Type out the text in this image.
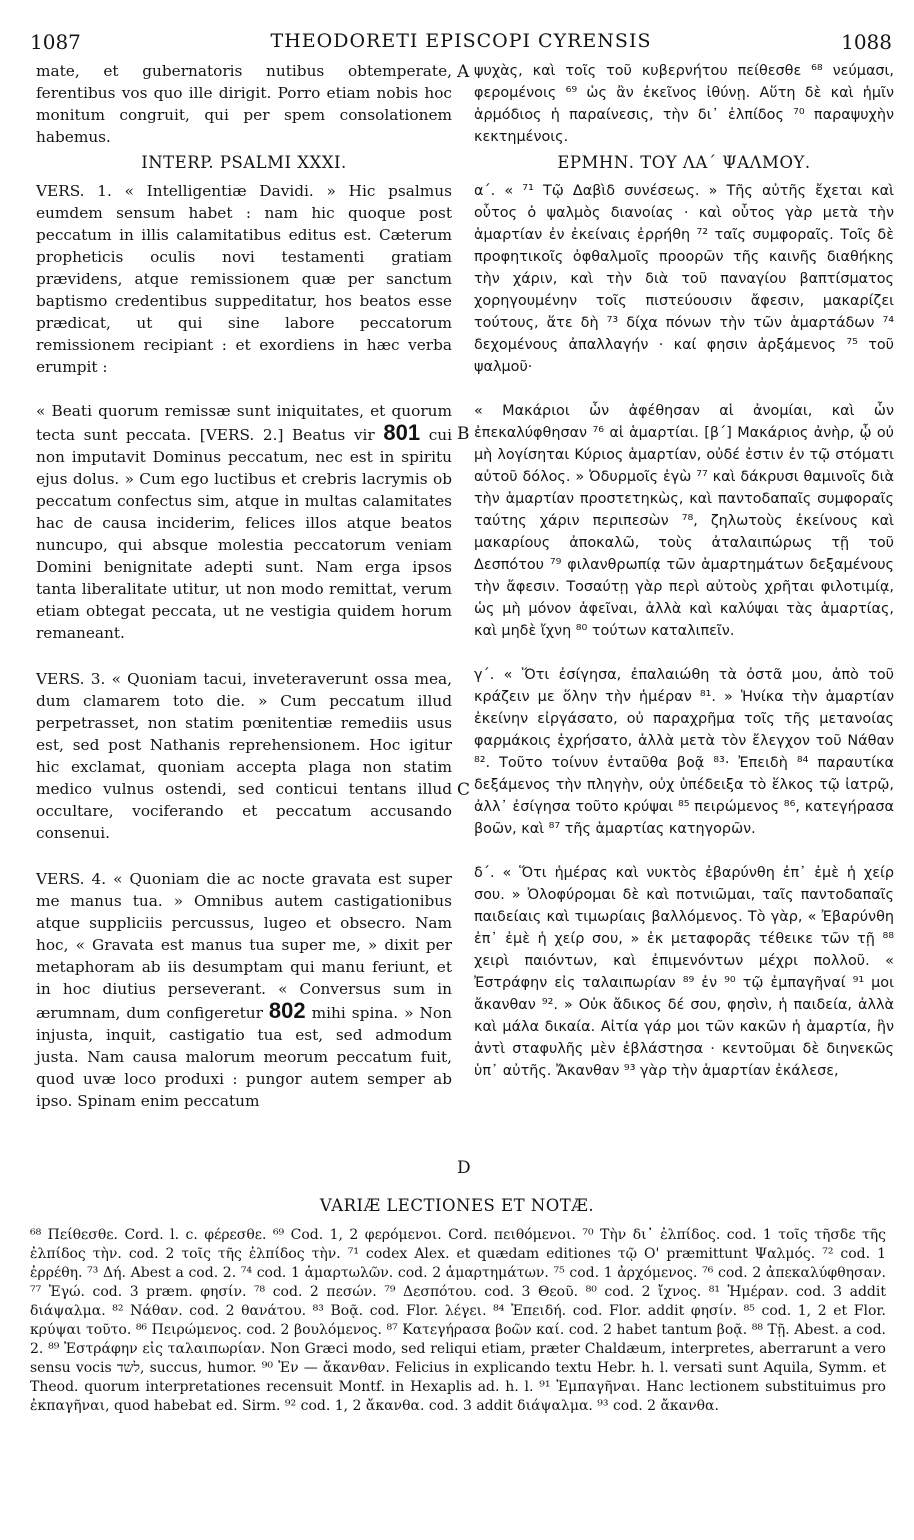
1087	THEODORETI EPISCOPI CYRENSIS	1088

mate, et gubernatoris nutibus obtemperate, ferentibus vos quo ille dirigit. Porro etiam nobis hoc monitum congruit, qui per spem consolationem habemus.

INTERP. PSALMI XXXI.

VERS. 1. « Intelligentiæ Davidi. » Hic psalmus eumdem sensum habet : nam hic quoque post peccatum in illis calamitatibus editus est. Cæterum propheticis oculis novi testamenti gratiam prævidens, atque remissionem quæ per sanctum baptismo credentibus suppeditatur, hos beatos esse prædicat, ut qui sine labore peccatorum remissionem recipiant : et exordiens in hæc verba erumpit :

« Beati quorum remissæ sunt iniquitates, et quorum tecta sunt peccata. [VERS. 2.] Beatus vir 801 cui non imputavit Dominus peccatum, nec est in spiritu ejus dolus. » Cum ego luctibus et crebris lacrymis ob peccatum confectus sim, atque in multas calamitates hac de causa inciderim, felices illos atque beatos nuncupo, qui absque molestia peccatorum veniam Domini benignitate adepti sunt. Nam erga ipsos tanta liberalitate utitur, ut non modo remittat, verum etiam obtegat peccata, ut ne vestigia quidem horum remaneant.

VERS. 3. « Quoniam tacui, inveteraverunt ossa mea, dum clamarem toto die. » Cum peccatum illud perpetrasset, non statim pœnitentiæ remediis usus est, sed post Nathanis reprehensionem. Hoc igitur hic exclamat, quoniam accepta plaga non statim medico vulnus ostendi, sed conticui tentans illud occultare, vociferando et peccatum accusando consenui.

VERS. 4. « Quoniam die ac nocte gravata est super me manus tua. » Omnibus autem castigationibus atque suppliciis percussus, lugeo et obsecro. Nam hoc, « Gravata est manus tua super me, » dixit per metaphoram ab iis desumptam qui manu feriunt, et in hoc diutius perseverant. « Conversus sum in ærumnam, dum configeretur 802 mihi spina. » Non injusta, inquit, castigatio tua est, sed admodum justa. Nam causa malorum meorum peccatum fuit, quod uvæ loco produxi : pungor autem semper ab ipso. Spinam enim peccatum

A
B
C
D

ψυχὰς, καὶ τοῖς τοῦ κυβερνήτου πείθεσθε ⁶⁸ νεύμασι, φερομένοις ⁶⁹ ὡς ἂν ἐκεῖνος ἰθύνῃ. Αὕτη δὲ καὶ ἡμῖν ἁρμόδιος ἡ παραίνεσις, τὴν δι᾿ ἐλπίδος ⁷⁰ παραψυχὴν κεκτημένοις.

ΕΡΜΗΝ. ΤΟΥ ΛΑ´ ΨΑΛΜΟΥ.

α´. « ⁷¹ Τῷ Δαβὶδ συνέσεως. » Τῆς αὐτῆς ἔχεται καὶ οὗτος ὁ ψαλμὸς διανοίας · καὶ οὗτος γὰρ μετὰ τὴν ἁμαρτίαν ἐν ἐκείναις ἐρρήθη ⁷² ταῖς συμφοραῖς. Τοῖς δὲ προφητικοῖς ὀφθαλμοῖς προορῶν τῆς καινῆς διαθήκης τὴν χάριν, καὶ τὴν διὰ τοῦ παναγίου βαπτίσματος χορηγουμένην τοῖς πιστεύουσιν ἄφεσιν, μακαρίζει τούτους, ἅτε δὴ ⁷³ δίχα πόνων τὴν τῶν ἁμαρτάδων ⁷⁴ δεχομένους ἀπαλλαγήν · καί φησιν ἀρξάμενος ⁷⁵ τοῦ ψαλμοῦ·

« Μακάριοι ὧν ἀφέθησαν αἱ ἀνομίαι, καὶ ὧν ἐπεκαλύφθησαν ⁷⁶ αἱ ἁμαρτίαι. [β´] Μακάριος ἀνὴρ, ᾧ οὐ μὴ λογίσηται Κύριος ἁμαρτίαν, οὐδέ ἐστιν ἐν τῷ στόματι αὐτοῦ δόλος. » Ὀδυρμοῖς ἐγὼ ⁷⁷ καὶ δάκρυσι θαμινοῖς διὰ τὴν ἁμαρτίαν προστετηκὼς, καὶ παντοδαπαῖς συμφοραῖς ταύτης χάριν περιπεσὼν ⁷⁸, ζηλωτοὺς ἐκείνους καὶ μακαρίους ἀποκαλῶ, τοὺς ἀταλαιπώρως τῇ τοῦ Δεσπότου ⁷⁹ φιλανθρωπίᾳ τῶν ἁμαρτημάτων δεξαμένους τὴν ἄφεσιν. Τοσαύτῃ γὰρ περὶ αὐτοὺς χρῆται φιλοτιμίᾳ, ὡς μὴ μόνον ἀφεῖναι, ἀλλὰ καὶ καλύψαι τὰς ἁμαρτίας, καὶ μηδὲ ἴχνη ⁸⁰ τούτων καταλιπεῖν.

γ´. « Ὅτι ἐσίγησα, ἐπαλαιώθη τὰ ὀστᾶ μου, ἀπὸ τοῦ κράζειν με ὅλην τὴν ἡμέραν ⁸¹. » Ἡνίκα τὴν ἁμαρτίαν ἐκείνην εἰργάσατο, οὐ παραχρῆμα τοῖς τῆς μετανοίας φαρμάκοις ἐχρήσατο, ἀλλὰ μετὰ τὸν ἔλεγχον τοῦ Νάθαν ⁸². Τοῦτο τοίνυν ἐνταῦθα βοᾷ ⁸³· Ἐπειδὴ ⁸⁴ παραυτίκα δεξάμενος τὴν πληγὴν, οὐχ ὑπέδειξα τὸ ἕλκος τῷ ἰατρῷ, ἀλλ᾿ ἐσίγησα τοῦτο κρύψαι ⁸⁵ πειρώμενος ⁸⁶, κατεγήρασα βοῶν, καὶ ⁸⁷ τῆς ἁμαρτίας κατηγορῶν.

δ´. « Ὅτι ἡμέρας καὶ νυκτὸς ἐβαρύνθη ἐπ᾿ ἐμὲ ἡ χείρ σου. » Ὀλοφύρομαι δὲ καὶ ποτνιῶμαι, ταῖς παντοδαπαῖς παιδείαις καὶ τιμωρίαις βαλλόμενος. Τὸ γὰρ, « Ἐβαρύνθη ἐπ᾿ ἐμὲ ἡ χείρ σου, » ἐκ μεταφορᾶς τέθεικε τῶν τῇ ⁸⁸ χειρὶ παιόντων, καὶ ἐπιμενόντων μέχρι πολλοῦ. « Ἐστράφην εἰς ταλαιπωρίαν ⁸⁹ ἐν ⁹⁰ τῷ ἐμπαγῆναί ⁹¹ μοι ἄκανθαν ⁹². » Οὐκ ἄδικος δέ σου, φησὶν, ἡ παιδεία, ἀλλὰ καὶ μάλα δικαία. Αἰτία γάρ μοι τῶν κακῶν ἡ ἁμαρτία, ἣν ἀντὶ σταφυλῆς μὲν ἐβλάστησα · κεντοῦμαι δὲ διηνεκῶς ὑπ᾿ αὐτῆς. Ἄκανθαν ⁹³ γὰρ τὴν ἁμαρτίαν ἐκάλεσε,

VARIÆ LECTIONES ET NOTÆ.
⁶⁸ Πείθεσθε. Cord. l. c. φέρεσθε. ⁶⁹ Cod. 1, 2 φερόμενοι. Cord. πειθόμενοι. ⁷⁰ Τὴν δι᾿ ἐλπίδος. cod. 1 τοῖς τῆσδε τῆς ἐλπίδος τὴν. cod. 2 τοῖς τῆς ἐλπίδος τὴν. ⁷¹ codex Alex. et quædam editiones τῷ O' præmittunt Ψαλμός. ⁷² cod. 1 ἐρρέθη. ⁷³ Δή. Abest a cod. 2. ⁷⁴ cod. 1 ἁμαρτωλῶν. cod. 2 ἁμαρτημάτων. ⁷⁵ cod. 1 ἀρχόμενος. ⁷⁶ cod. 2 ἀπεκαλύφθησαν. ⁷⁷ Ἐγώ. cod. 3 præm. φησίν. ⁷⁸ cod. 2 πεσών. ⁷⁹ Δεσπότου. cod. 3 Θεοῦ. ⁸⁰ cod. 2 ἴχνος. ⁸¹ Ἡμέραν. cod. 3 addit διάψαλμα. ⁸² Νάθαν. cod. 2 θανάτου. ⁸³ Βοᾷ. cod. Flor. λέγει. ⁸⁴ Ἐπειδή. cod. Flor. addit φησίν. ⁸⁵ cod. 1, 2 et Flor. κρύψαι τοῦτο. ⁸⁶ Πειρώμενος. cod. 2 βουλόμενος. ⁸⁷ Κατεγήρασα βοῶν καί. cod. 2 habet tantum βοᾷ. ⁸⁸ Τῇ. Abest. a cod. 2. ⁸⁹ Ἐστράφην εἰς ταλαιπωρίαν. Non Græci modo, sed reliqui etiam, præter Chaldæum, interpretes, aberrarunt a vero sensu vocis לשד, succus, humor. ⁹⁰ Ἐν — ἄκανθαν. Felicius in explicando textu Hebr. h. l. versati sunt Aquila, Symm. et Theod. quorum interpretationes recensuit Montf. in Hexaplis ad. h. l. ⁹¹ Ἐμπαγῆναι. Hanc lectionem substituimus pro ἐκπαγῆναι, quod habebat ed. Sirm. ⁹² cod. 1, 2 ἄκανθα. cod. 3 addit διάψαλμα. ⁹³ cod. 2 ἄκανθα.
